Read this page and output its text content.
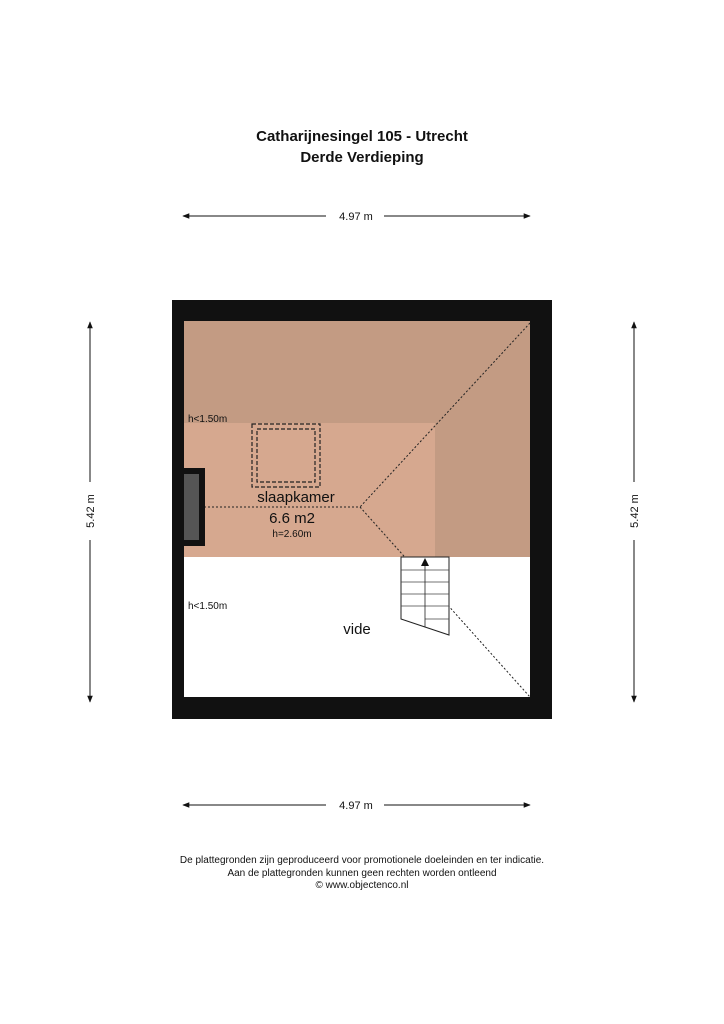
Catharijnesingel 105 - Utrecht
Derde Verdieping
4.97 m
4.97 m
5.42 m	5.42 m
h<1.50m
slaapkamer
6.6 m2
h=2.60m
h<1.50m
vide
De plattegronden zijn geproduceerd voor promotionele doeleinden en ter indicatie.
Aan de plattegronden kunnen geen rechten worden ontleend
© www.objectenco.nl
